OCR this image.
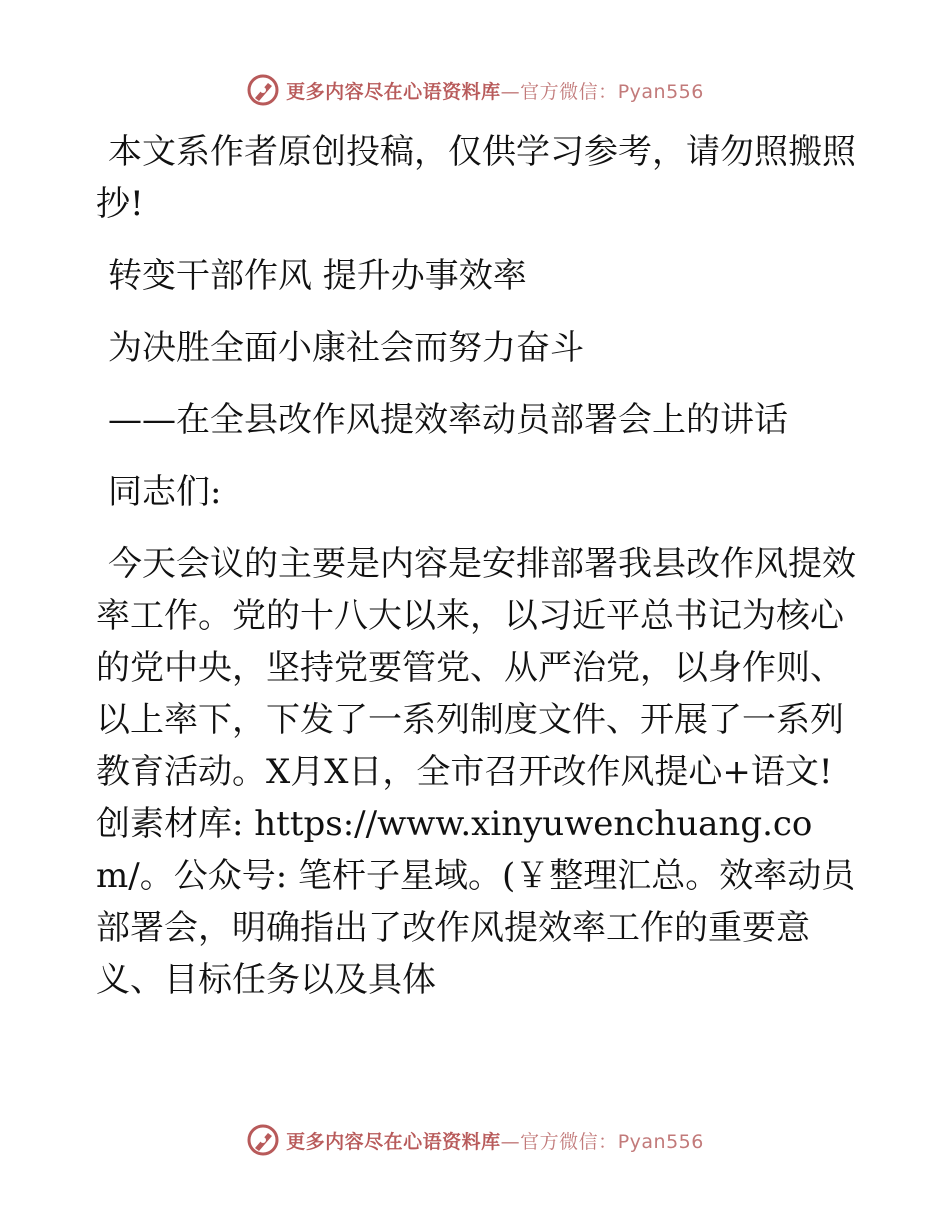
更多内容尽在心语资料库—官方微信：Pyan556

本文系作者原创投稿，仅供学习参考，请勿照搬照抄!

转变干部作风 提升办事效率

为决胜全面小康社会而努力奋斗

——在全县改作风提效率动员部署会上的讲话

同志们:

今天会议的主要是内容是安排部署我县改作风提效率工作。党的十八大以来，以习近平总书记为核心的党中央，坚持党要管党、从严治党，以身作则、以上率下，下发了一系列制度文件、开展了一系列教育活动。X月X日，全市召开改作风提心+语文! 创素材库: https://www.xinyuwenchuang.com/。公众号: 笔杆子星域。(￥整理汇总。效率动员部署会，明确指出了改作风提效率工作的重要意义、目标任务以及具体

更多内容尽在心语资料库—官方微信：Pyan556
